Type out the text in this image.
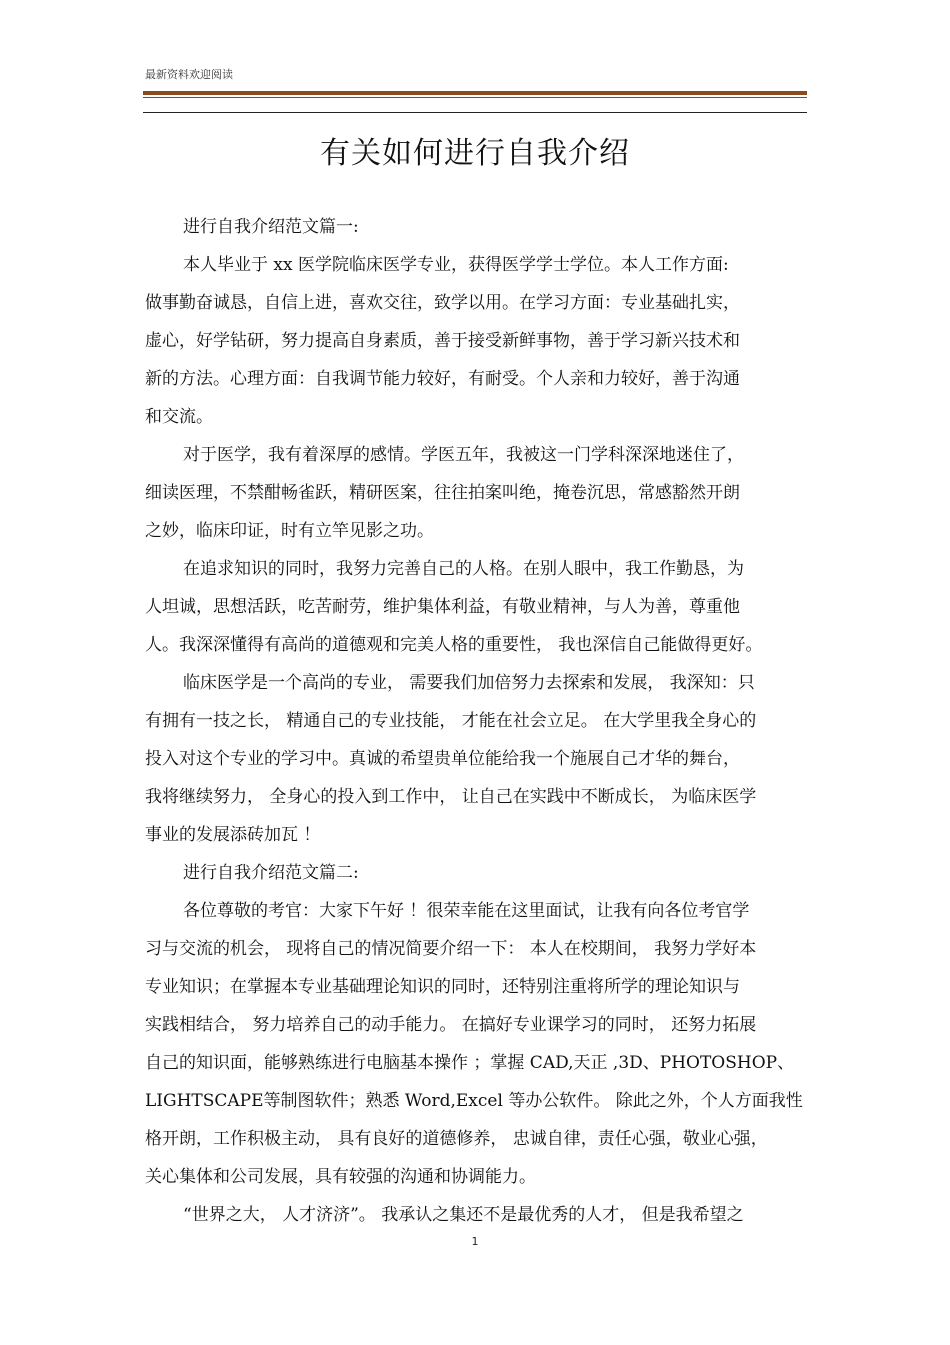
最新资料欢迎阅读
有关如何进行自我介绍
进行自我介绍范文篇一:
本人毕业于 xx 医学院临床医学专业，获得医学学士学位。本人工作方面:
做事勤奋诚恳，自信上进，喜欢交往，致学以用。在学习方面：专业基础扎实，
虚心，好学钻研，努力提高自身素质，善于接受新鲜事物，善于学习新兴技术和
新的方法。心理方面：自我调节能力较好，有耐受。个人亲和力较好，善于沟通
和交流。
对于医学，我有着深厚的感情。学医五年，我被这一门学科深深地迷住了，
细读医理，不禁酣畅雀跃，精研医案，往往拍案叫绝，掩卷沉思，常感豁然开朗
之妙，临床印证，时有立竿见影之功。
在追求知识的同时，我努力完善自己的人格。在别人眼中，我工作勤恳，为
人坦诚，思想活跃，吃苦耐劳，维护集体利益，有敬业精神，与人为善，尊重他
人。我深深懂得有高尚的道德观和完美人格的重要性， 我也深信自己能做得更好。
临床医学是一个高尚的专业， 需要我们加倍努力去探索和发展， 我深知：只
有拥有一技之长， 精通自己的专业技能， 才能在社会立足。 在大学里我全身心的
投入对这个专业的学习中。真诚的希望贵单位能给我一个施展自己才华的舞台，
我将继续努力， 全身心的投入到工作中， 让自己在实践中不断成长， 为临床医学
事业的发展添砖加瓦 ！
进行自我介绍范文篇二:
各位尊敬的考官：大家下午好 ！很荣幸能在这里面试，让我有向各位考官学
习与交流的机会， 现将自己的情况简要介绍一下： 本人在校期间， 我努力学好本
专业知识；在掌握本专业基础理论知识的同时，还特别注重将所学的理论知识与
实践相结合， 努力培养自己的动手能力。 在搞好专业课学习的同时， 还努力拓展
自己的知识面，能够熟练进行电脑基本操作 ；掌握 CAD,天正 ,3D、PHOTOSHOP、
LIGHTSCAPE等制图软件；熟悉 Word,Excel 等办公软件。 除此之外，个人方面我性
格开朗，工作积极主动， 具有良好的道德修养， 忠诚自律，责任心强，敬业心强，
关心集体和公司发展，具有较强的沟通和协调能力。
“世界之大， 人才济济”。 我承认之集还不是最优秀的人才， 但是我希望之
1
